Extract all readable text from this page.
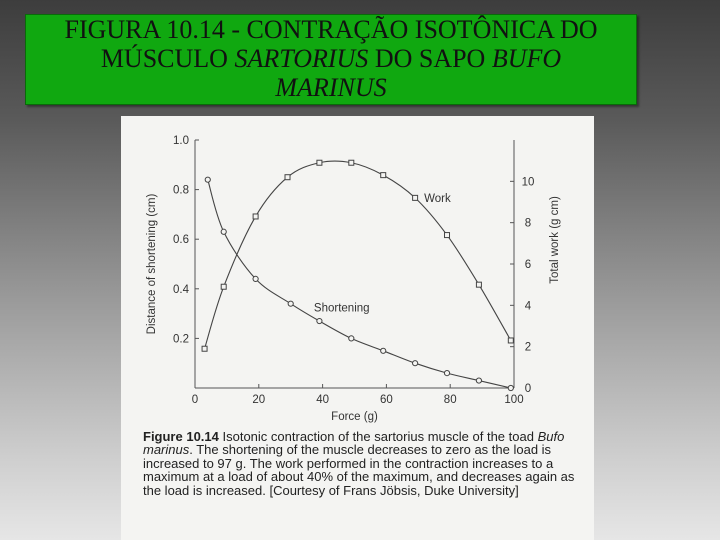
FIGURA 10.14 - CONTRAÇÃO ISOTÔNICA DO
MÚSCULO SARTORIUS DO SAPO BUFO
MARINUS
0	20	40	60	80	100
0.2
0.4
0.6
0.8
1.0
0
2
4
6
8
10
Force (g)
Distance of shortening (cm)	Total work (g cm)
Work
Shortening
Figure 10.14 Isotonic contraction of the sartorius muscle of the toad Bufo marinus. The shortening of the muscle decreases to zero as the load is increased to 97 g. The work performed in the contraction increases to a maximum at a load of about 40% of the maximum, and decreases again as the load is increased. [Courtesy of Frans Jöbsis, Duke University]
